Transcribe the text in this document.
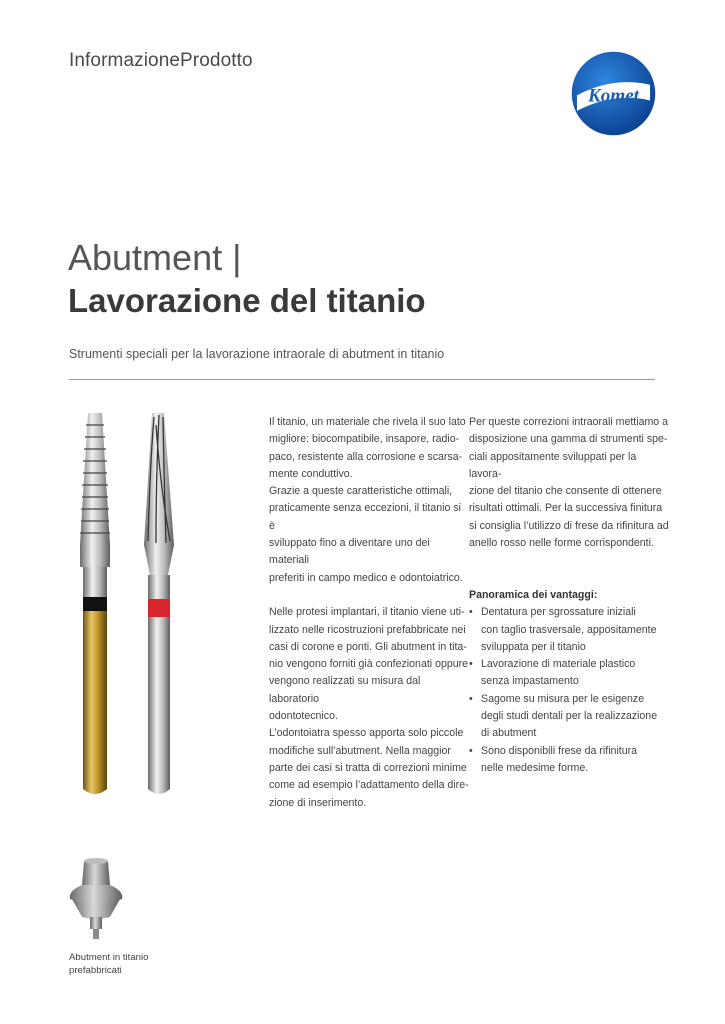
InformazioneProdotto
Komet
Abutment |
Lavorazione del titanio
Strumenti speciali per la lavorazione intraorale di abutment in titanio

Il titanio, un materiale che rivela il suo lato

migliore: biocompatibile, insapore, radio-

paco, resistente alla corrosione e scarsa-

mente conduttivo.

Grazie a queste caratteristiche ottimali,

praticamente senza eccezioni, il titanio si è

sviluppato fino a diventare uno dei materiali

preferiti in campo medico e odontoiatrico.

Nelle protesi implantari, il titanio viene uti-

lizzato nelle ricostruzioni prefabbricate nei

casi di corone e ponti. Gli abutment in tita-

nio vengono forniti già confezionati oppure

vengono realizzati su misura dal laboratorio

odontotecnico.

L’odontoiatra spesso apporta solo piccole

modifiche sull’abutment. Nella maggior

parte dei casi si tratta di correzioni minime

come ad esempio l’adattamento della dire-

zione di inserimento.

Per queste correzioni intraorali mettiamo a

disposizione una gamma di strumenti spe-

ciali appositamente sviluppati per la lavora-

zione del titanio che consente di ottenere

risultati ottimali. Per la successiva finitura

si consiglia l’utilizzo di frese da rifinitura ad

anello rosso nelle forme corrispondenti.

Panoramica dei vantaggi:

• Dentatura per sgrossature iniziali

con taglio trasversale, appositamente

sviluppata per il titanio

• Lavorazione di materiale plastico

senza impastamento

• Sagome su misura per le esigenze

degli studi dentali per la realizzazione

di abutment

• Sono disponibili frese da rifinitura

nelle medesime forme.

Abutment in titanio
prefabbricati
